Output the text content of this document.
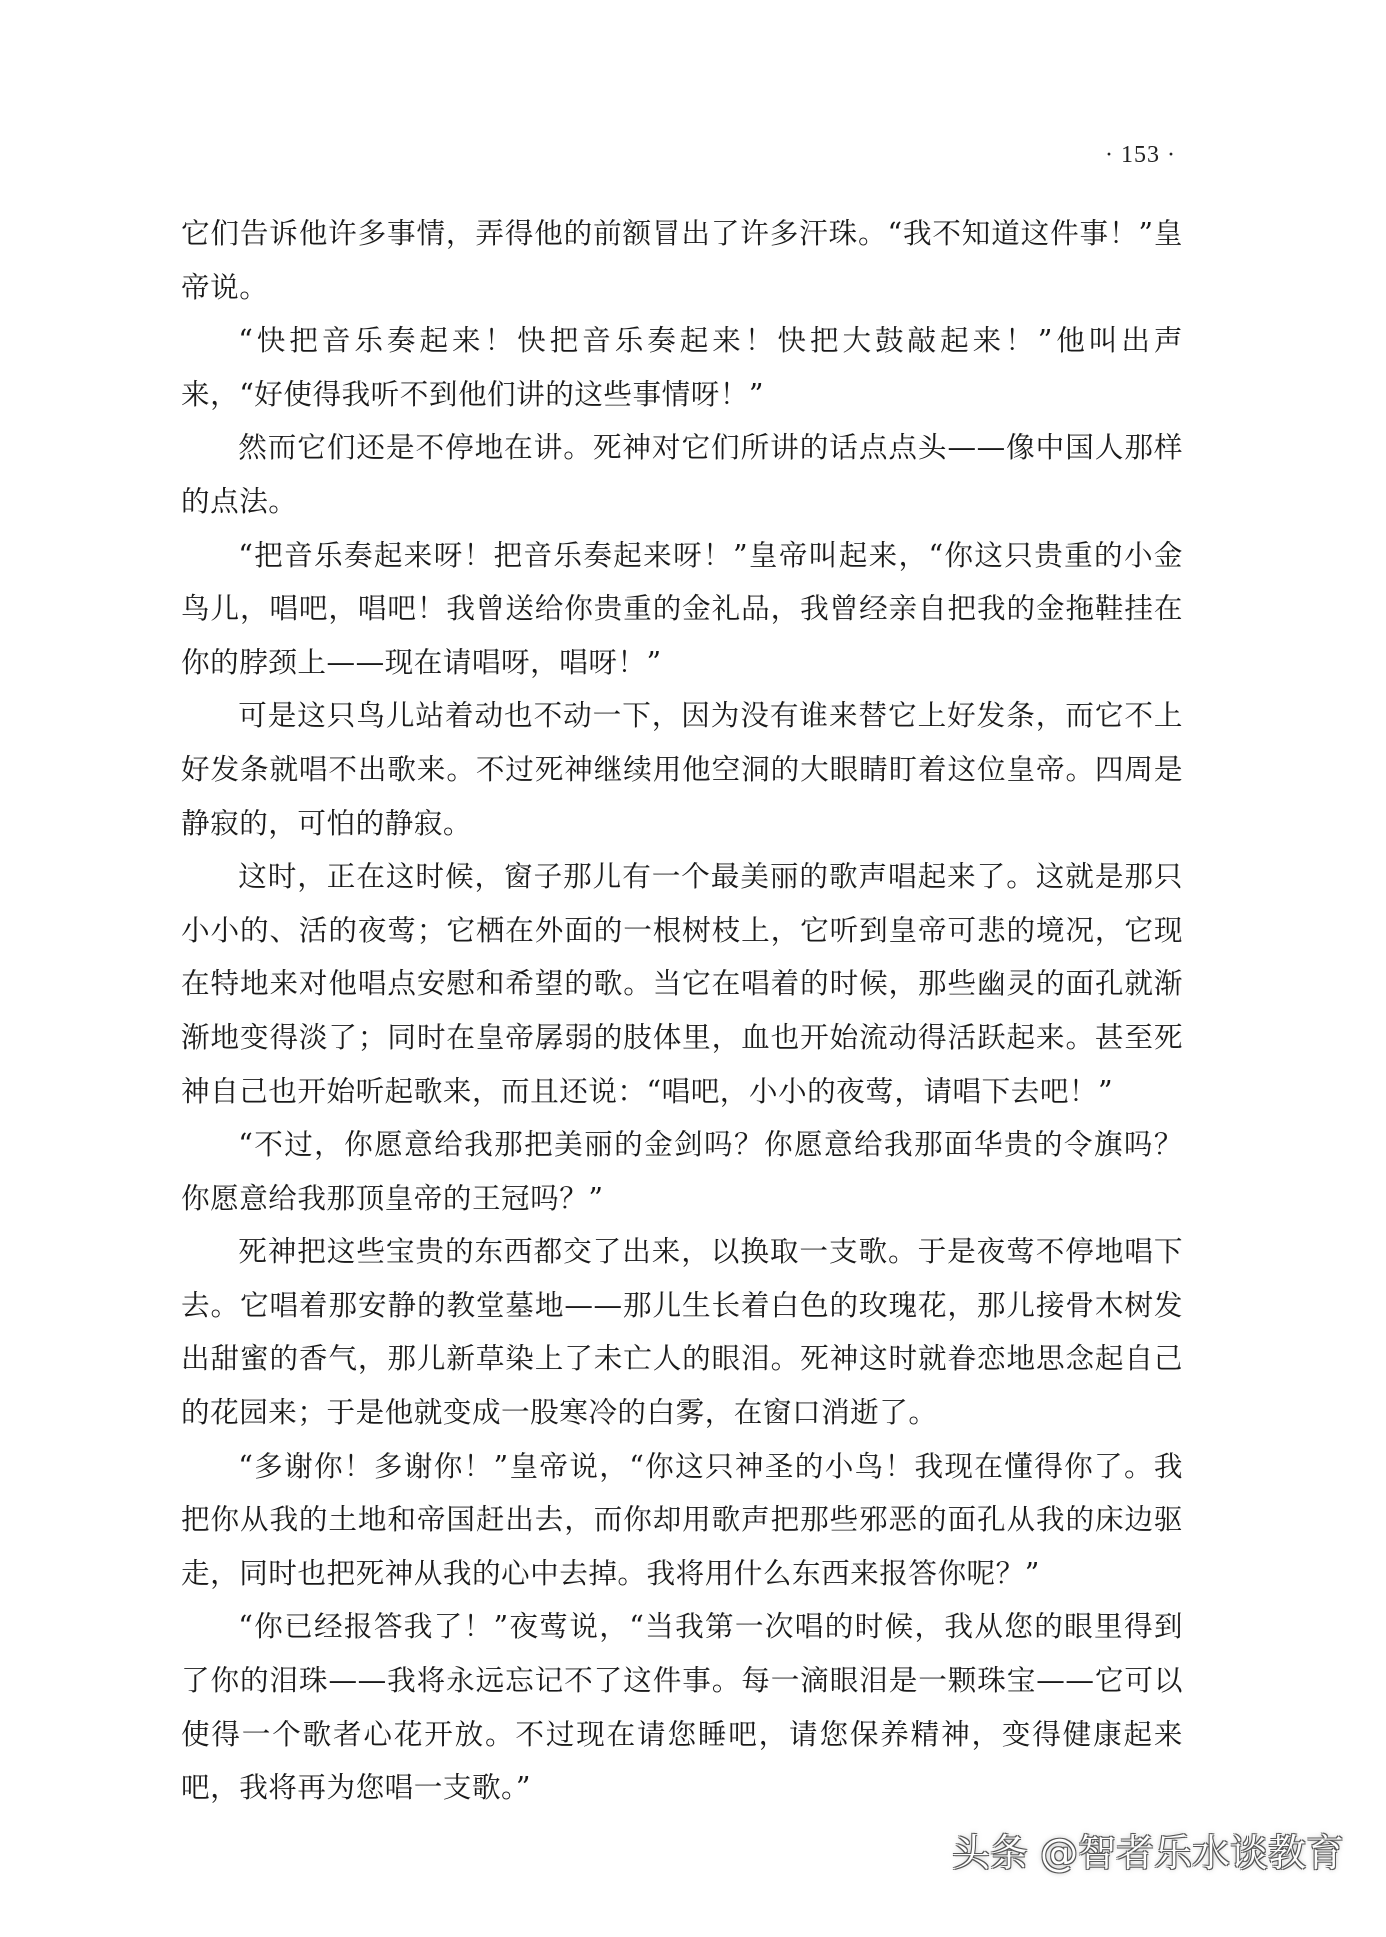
· 153 ·

它们告诉他许多事情，弄得他的前额冒出了许多汗珠。“我不知道这件事！”皇帝说。

“快把音乐奏起来！快把音乐奏起来！快把大鼓敲起来！”他叫出声来，“好使得我听不到他们讲的这些事情呀！”

然而它们还是不停地在讲。死神对它们所讲的话点点头——像中国人那样的点法。

“把音乐奏起来呀！把音乐奏起来呀！”皇帝叫起来，“你这只贵重的小金鸟儿，唱吧，唱吧！我曾送给你贵重的金礼品，我曾经亲自把我的金拖鞋挂在你的脖颈上——现在请唱呀，唱呀！”

可是这只鸟儿站着动也不动一下，因为没有谁来替它上好发条，而它不上好发条就唱不出歌来。不过死神继续用他空洞的大眼睛盯着这位皇帝。四周是静寂的，可怕的静寂。

这时，正在这时候，窗子那儿有一个最美丽的歌声唱起来了。这就是那只小小的、活的夜莺；它栖在外面的一根树枝上，它听到皇帝可悲的境况，它现在特地来对他唱点安慰和希望的歌。当它在唱着的时候，那些幽灵的面孔就渐渐地变得淡了；同时在皇帝孱弱的肢体里，血也开始流动得活跃起来。甚至死神自己也开始听起歌来，而且还说：“唱吧，小小的夜莺，请唱下去吧！”

“不过，你愿意给我那把美丽的金剑吗？你愿意给我那面华贵的令旗吗？你愿意给我那顶皇帝的王冠吗？”

死神把这些宝贵的东西都交了出来，以换取一支歌。于是夜莺不停地唱下去。它唱着那安静的教堂墓地——那儿生长着白色的玫瑰花，那儿接骨木树发出甜蜜的香气，那儿新草染上了未亡人的眼泪。死神这时就眷恋地思念起自己的花园来；于是他就变成一股寒冷的白雾，在窗口消逝了。

“多谢你！多谢你！”皇帝说，“你这只神圣的小鸟！我现在懂得你了。我把你从我的土地和帝国赶出去，而你却用歌声把那些邪恶的面孔从我的床边驱走，同时也把死神从我的心中去掉。我将用什么东西来报答你呢？”

“你已经报答我了！”夜莺说，“当我第一次唱的时候，我从您的眼里得到了你的泪珠——我将永远忘记不了这件事。每一滴眼泪是一颗珠宝——它可以使得一个歌者心花开放。不过现在请您睡吧，请您保养精神，变得健康起来吧，我将再为您唱一支歌。”

头条 @智者乐水谈教育
